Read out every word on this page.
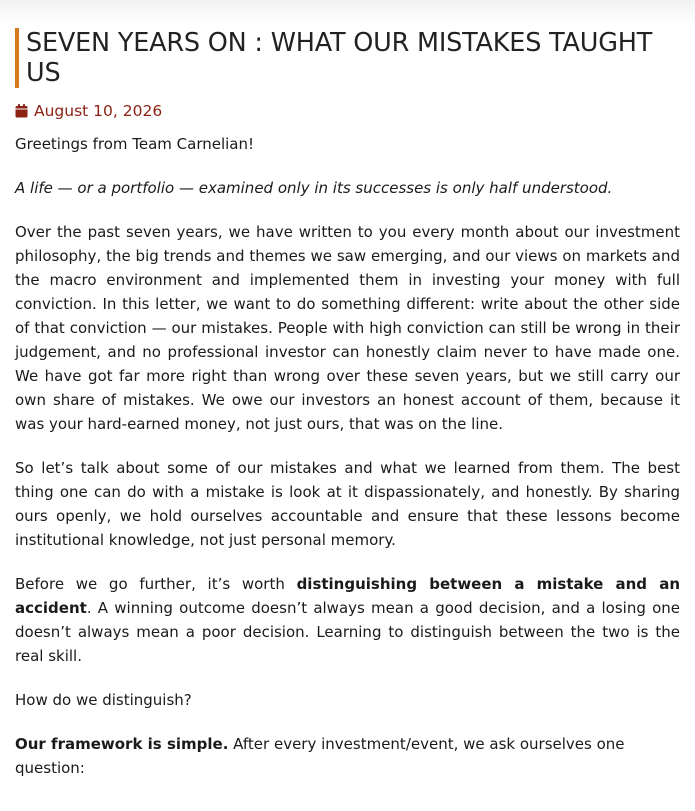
SEVEN YEARS ON : WHAT OUR MISTAKES TAUGHT US
August 10, 2026

Greetings from Team Carnelian!

A life — or a portfolio — examined only in its successes is only half understood.

Over the past seven years, we have written to you every month about our investment philosophy, the big trends and themes we saw emerging, and our views on markets and the macro environment and implemented them in investing your money with full conviction. In this letter, we want to do something different: write about the other side of that conviction — our mistakes. People with high conviction can still be wrong in their judgement, and no professional investor can honestly claim never to have made one. We have got far more right than wrong over these seven years, but we still carry our own share of mistakes. We owe our investors an honest account of them, because it was your hard-earned money, not just ours, that was on the line.

So let’s talk about some of our mistakes and what we learned from them. The best thing one can do with a mistake is look at it dispassionately, and honestly. By sharing ours openly, we hold ourselves accountable and ensure that these lessons become institutional knowledge, not just personal memory.

Before we go further, it’s worth distinguishing between a mistake and an accident. A winning outcome doesn’t always mean a good decision, and a losing one doesn’t always mean a poor decision. Learning to distinguish between the two is the real skill.

How do we distinguish?

Our framework is simple. After every investment/event, we ask ourselves one question:
